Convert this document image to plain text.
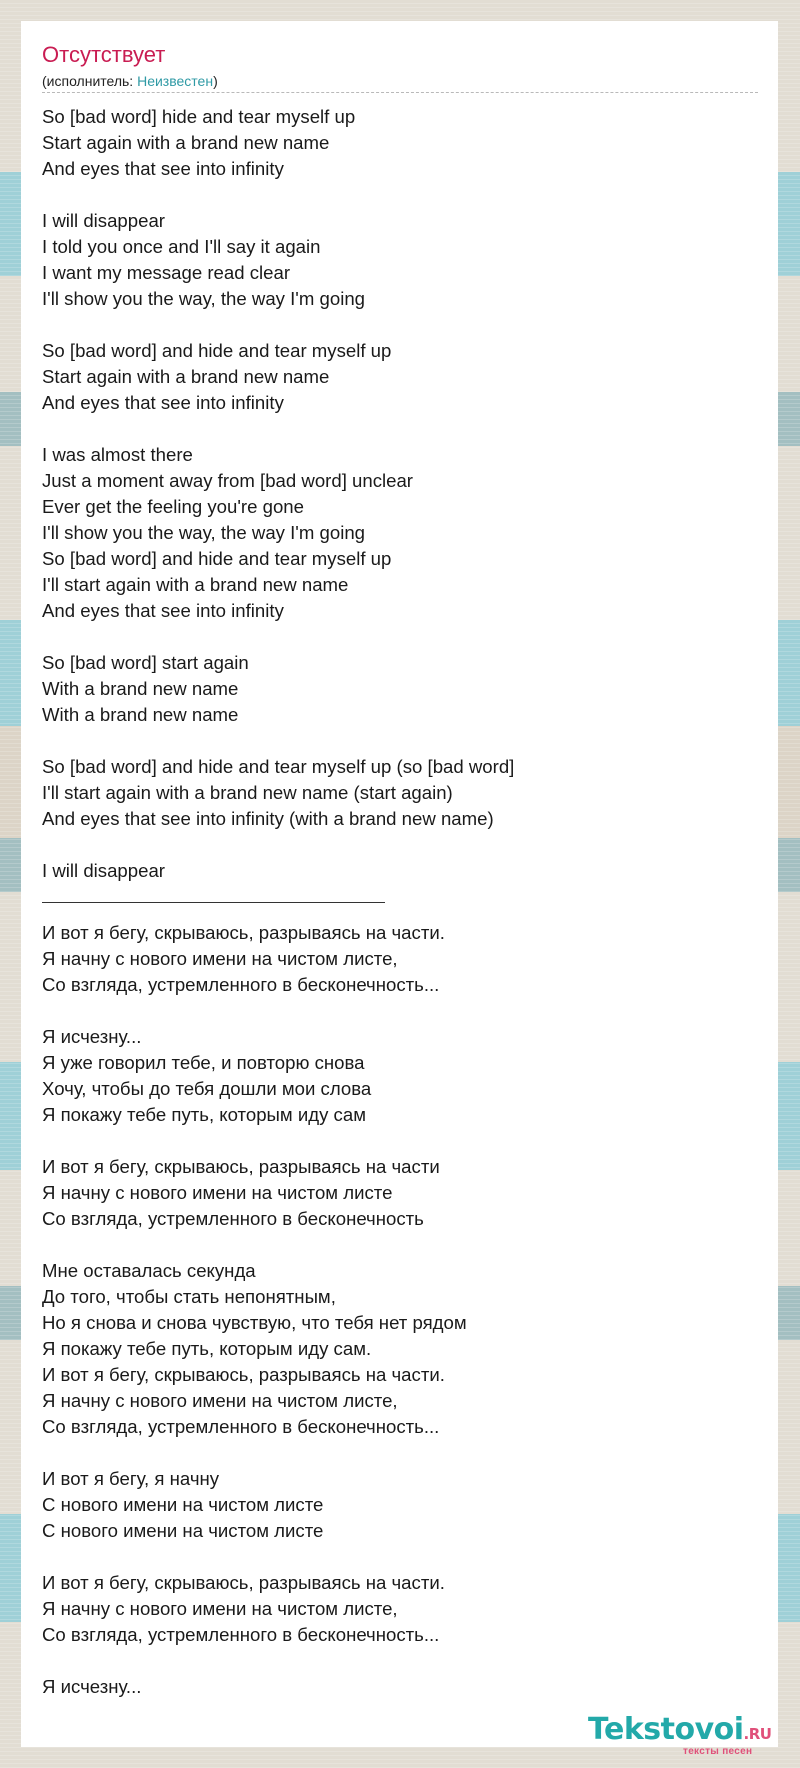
Отсутствует
(исполнитель: Неизвестен)
So [bad word] hide and tear myself up
Start again with a brand new name
And eyes that see into infinity
I will disappear
I told you once and I'll say it again
I want my message read clear
I'll show you the way, the way I'm going
So [bad word] and hide and tear myself up
Start again with a brand new name
And eyes that see into infinity
I was almost there
Just a moment away from [bad word] unclear
Ever get the feeling you're gone
I'll show you the way, the way I'm going
So [bad word] and hide and tear myself up
I'll start again with a brand new name
And eyes that see into infinity
So [bad word] start again
With a brand new name
With a brand new name
So [bad word] and hide and tear myself up (so [bad word]
I'll start again with a brand new name (start again)
And eyes that see into infinity (with a brand new name)
I will disappear
И вот я бегу, скрываюсь, разрываясь на части.
Я начну с нового имени на чистом листе,
Со взгляда, устремленного в бесконечность...
Я исчезну...
Я уже говорил тебе, и повторю снова
Хочу, чтобы до тебя дошли мои слова
Я покажу тебе путь, которым иду сам
И вот я бегу, скрываюсь, разрываясь на части
Я начну с нового имени на чистом листе
Со взгляда, устремленного в бесконечность
Мне оставалась секунда
До того, чтобы стать непонятным,
Но я снова и снова чувствую, что тебя нет рядом
Я покажу тебе путь, которым иду сам.
И вот я бегу, скрываюсь, разрываясь на части.
Я начну с нового имени на чистом листе,
Со взгляда, устремленного в бесконечность...
И вот я бегу, я начну
С нового имени на чистом листе
С нового имени на чистом листе
И вот я бегу, скрываюсь, разрываясь на части.
Я начну с нового имени на чистом листе,
Со взгляда, устремленного в бесконечность...
Я исчезну...
Tekstovoi.RU
тексты песен
